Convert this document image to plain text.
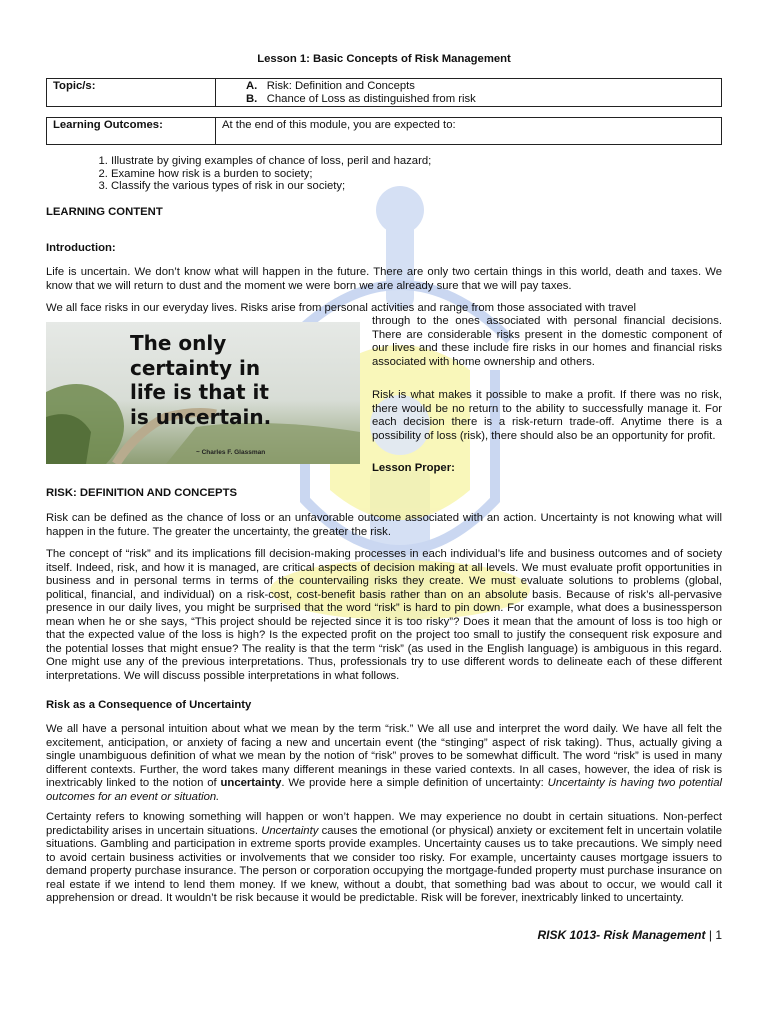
Lesson 1: Basic Concepts of Risk Management
Topic/s:	A. Risk: Definition and Concepts
B. Chance of Loss as distinguished from risk
Learning Outcomes:	At the end of this module, you are expected to:
1. Illustrate by giving examples of chance of loss, peril and hazard;
2. Examine how risk is a burden to society;
3. Classify the various types of risk in our society;
LEARNING CONTENT
Introduction:

Life is uncertain. We don’t know what will happen in the future. There are only two certain things in this world, death and taxes. We know that we will return to dust and the moment we were born we are already sure that we will pay taxes.

We all face risks in our everyday lives. Risks arise from personal activities and range from those associated with travel

The only
certainty in
life is that it
is uncertain.
~ Charles F. Glassman

through to the ones associated with personal financial decisions. There are considerable risks present in the domestic component of our lives and these include fire risks in our homes and financial risks associated with home ownership and others.

Risk is what makes it possible to make a profit. If there was no risk, there would be no return to the ability to successfully manage it. For each decision there is a risk-return trade-off. Anytime there is a possibility of loss (risk), there should also be an opportunity for profit.

Lesson Proper:
RISK: DEFINITION AND CONCEPTS

Risk can be defined as the chance of loss or an unfavorable outcome associated with an action. Uncertainty is not knowing what will happen in the future. The greater the uncertainty, the greater the risk.

The concept of “risk” and its implications fill decision-making processes in each individual’s life and business outcomes and of society itself. Indeed, risk, and how it is managed, are critical aspects of decision making at all levels. We must evaluate profit opportunities in business and in personal terms in terms of the countervailing risks they create. We must evaluate solutions to problems (global, political, financial, and individual) on a risk-cost, cost-benefit basis rather than on an absolute basis. Because of risk’s all-pervasive presence in our daily lives, you might be surprised that the word “risk” is hard to pin down. For example, what does a businessperson mean when he or she says, “This project should be rejected since it is too risky”? Does it mean that the amount of loss is too high or that the expected value of the loss is high? Is the expected profit on the project too small to justify the consequent risk exposure and the potential losses that might ensue? The reality is that the term “risk” (as used in the English language) is ambiguous in this regard. One might use any of the previous interpretations. Thus, professionals try to use different words to delineate each of these different interpretations. We will discuss possible interpretations in what follows.

Risk as a Consequence of Uncertainty

We all have a personal intuition about what we mean by the term “risk.” We all use and interpret the word daily. We have all felt the excitement, anticipation, or anxiety of facing a new and uncertain event (the “stinging” aspect of risk taking). Thus, actually giving a single unambiguous definition of what we mean by the notion of “risk” proves to be somewhat difficult. The word “risk” is used in many different contexts. Further, the word takes many different meanings in these varied contexts. In all cases, however, the idea of risk is inextricably linked to the notion of uncertainty. We provide here a simple definition of uncertainty: Uncertainty is having two potential outcomes for an event or situation.

Certainty refers to knowing something will happen or won’t happen. We may experience no doubt in certain situations. Non-perfect predictability arises in uncertain situations. Uncertainty causes the emotional (or physical) anxiety or excitement felt in uncertain volatile situations. Gambling and participation in extreme sports provide examples. Uncertainty causes us to take precautions. We simply need to avoid certain business activities or involvements that we consider too risky. For example, uncertainty causes mortgage issuers to demand property purchase insurance. The person or corporation occupying the mortgage-funded property must purchase insurance on real estate if we intend to lend them money. If we knew, without a doubt, that something bad was about to occur, we would call it apprehension or dread. It wouldn’t be risk because it would be predictable. Risk will be forever, inextricably linked to uncertainty.

RISK 1013- Risk Management | 1
